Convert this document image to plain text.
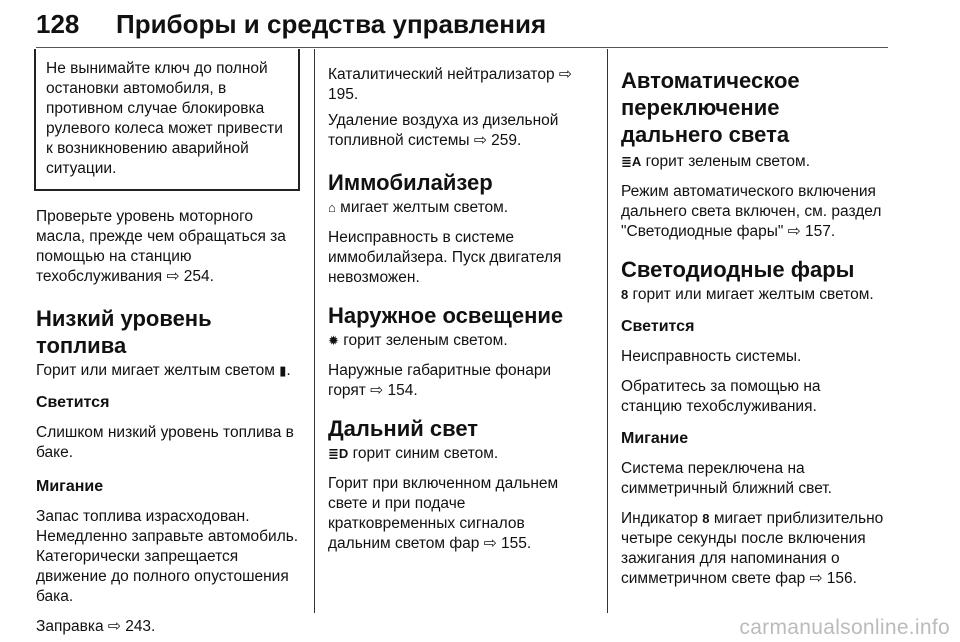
128 Приборы и средства управления

Не вынимайте ключ до полной остановки автомобиля, в противном случае блокировка рулевого колеса может привести к возникновению аварийной ситуации.

Проверьте уровень моторного масла, прежде чем обращаться за помощью на станцию техобслуживания ⇨ 254.

Низкий уровень топлива

Горит или мигает желтым светом ▮.

Светится

Слишком низкий уровень топлива в баке.

Мигание

Запас топлива израсходован. Немедленно заправьте автомобиль. Категорически запрещается движение до полного опустошения бака.

Заправка ⇨ 243.

Каталитический нейтрализатор ⇨ 195.

Удаление воздуха из дизельной топливной системы ⇨ 259.

Иммобилайзер

⌂ мигает желтым светом.

Неисправность в системе иммобилайзера. Пуск двигателя невозможен.

Наружное освещение

✹ горит зеленым светом.

Наружные габаритные фонари горят ⇨ 154.

Дальний свет

≣D горит синим светом.

Горит при включенном дальнем свете и при подаче кратковременных сигналов дальним светом фар ⇨ 155.

Автоматическое переключение дальнего света

≣A горит зеленым светом.

Режим автоматического включения дальнего света включен, см. раздел "Светодиодные фары" ⇨ 157.

Светодиодные фары

8 горит или мигает желтым светом.

Светится

Неисправность системы.

Обратитесь за помощью на станцию техобслуживания.

Мигание

Система переключена на симметричный ближний свет.

Индикатор 8 мигает приблизительно четыре секунды после включения зажигания для напоминания о симметричном свете фар ⇨ 156.

carmanualsonline.info
